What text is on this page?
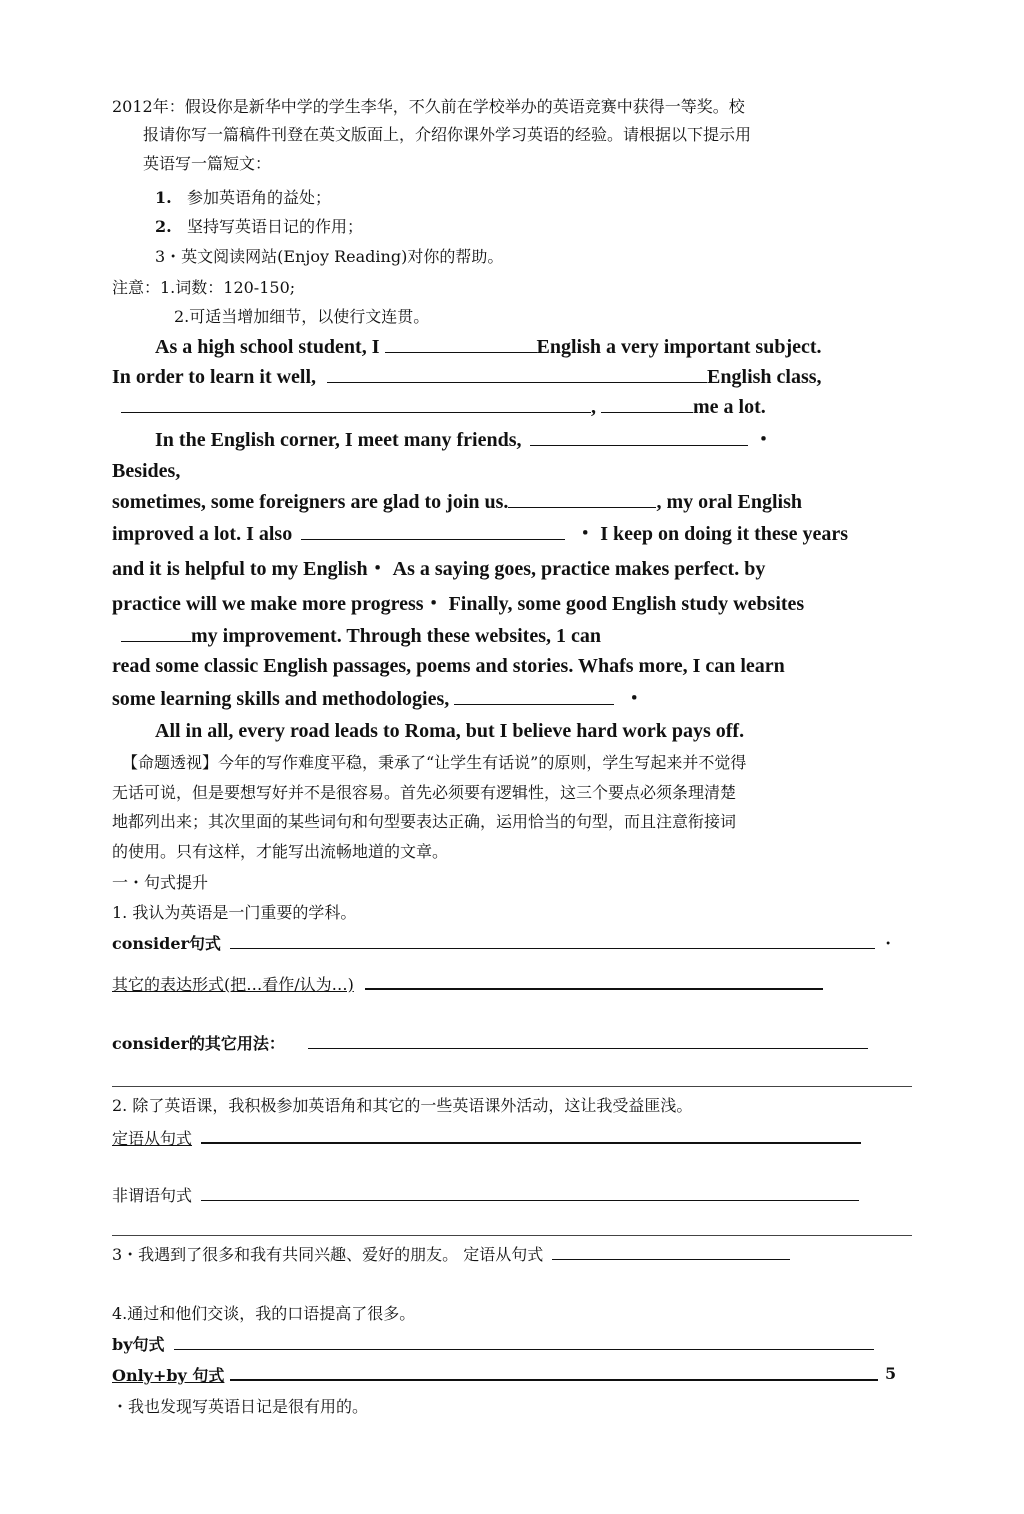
2012年：假设你是新华中学的学生李华，不久前在学校举办的英语竞赛中获得一等奖。校
报请你写一篇稿件刊登在英文版面上，介绍你课外学习英语的经验。请根据以下提示用
英语写一篇短文：
1. 参加英语角的益处；
2. 坚持写英语日记的作用；
3・英文阅读网站(Enjoy Reading)对你的帮助。
注意：1.词数：120-150;
2.可适当增加细节，以使行文连贯。
As a high school student, I	English a very important subject.
In order to learn it well,	English class,
,	me a lot.
In the English corner, I meet many friends,	・
Besides,
sometimes, some foreigners are glad to join us.	, my oral English
improved a lot. I also	・ I keep on doing it these years
and it is helpful to my English・ As a saying goes, practice makes perfect. by
practice will we make more progress・ Finally, some good English study websites
my improvement. Through these websites, 1 can
read some classic English passages, poems and stories. Whafs more, I can learn
some learning skills and methodologies,	・
All in all, every road leads to Roma, but I believe hard work pays off.
【命题透视】今年的写作难度平稳，秉承了“让学生有话说”的原则，学生写起来并不觉得
无话可说，但是要想写好并不是很容易。首先必须要有逻辑性，这三个要点必须条理清楚
地都列出来；其次里面的某些词句和句型要表达正确，运用恰当的句型，而且注意衔接词
的使用。只有这样，才能写出流畅地道的文章。
一・句式提升
1. 我认为英语是一门重要的学科。
consider句式	・
其它的表达形式(把…看作/认为…)
consider的其它用法：
2. 除了英语课，我积极参加英语角和其它的一些英语课外活动，这让我受益匪浅。
定语从句式
非谓语句式
3・我遇到了很多和我有共同兴趣、爱好的朋友。 定语从句式
4.通过和他们交谈，我的口语提高了很多。
by句式
Only+by 句式	5
・我也发现写英语日记是很有用的。
